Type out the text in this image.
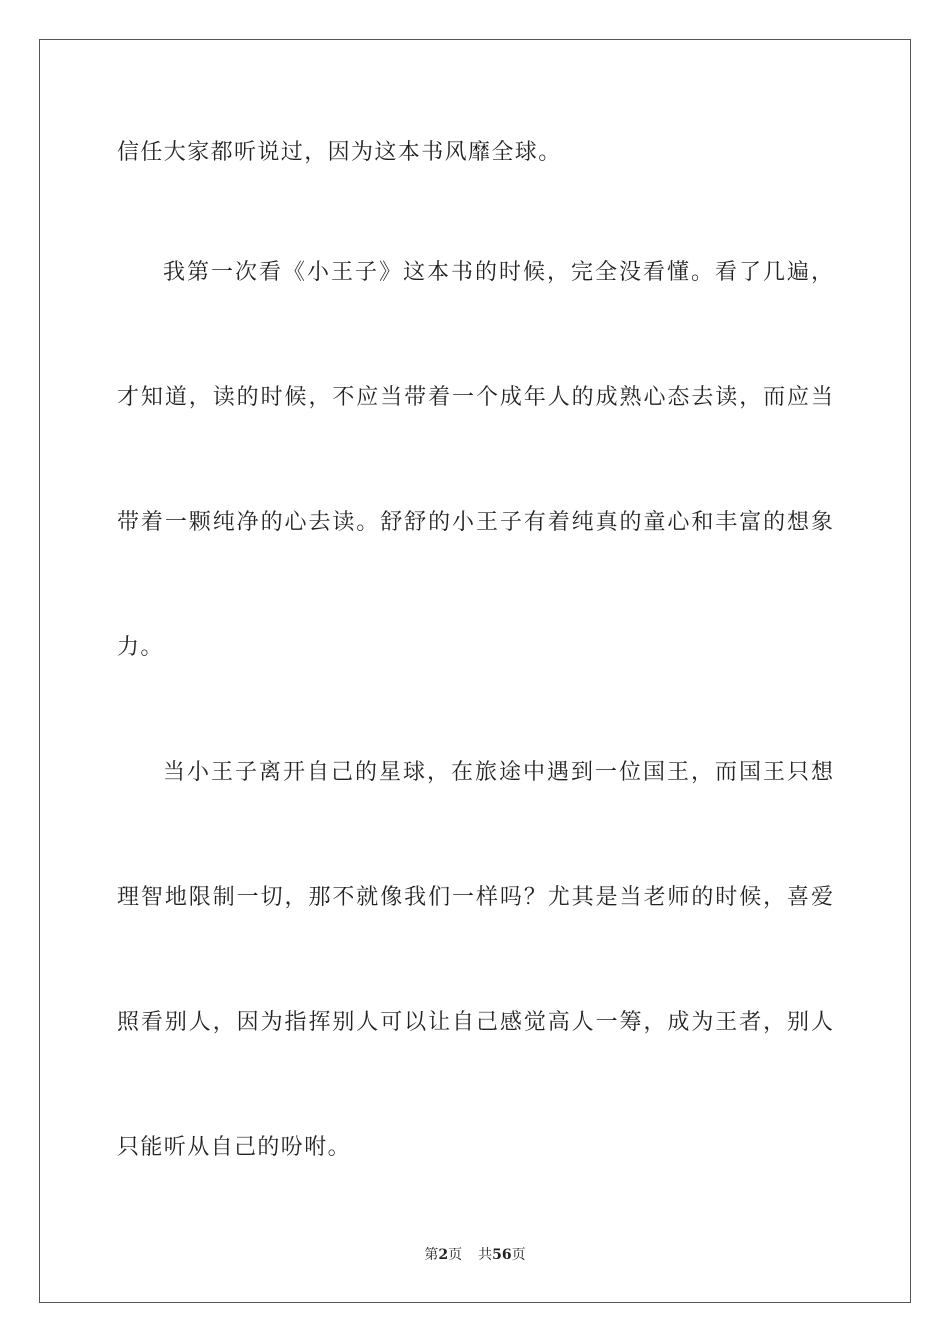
信任大家都听说过，因为这本书风靡全球。
我第一次看《小王子》这本书的时候，完全没看懂。看了几遍，
才知道，读的时候，不应当带着一个成年人的成熟心态去读，而应当
带着一颗纯净的心去读。舒舒的小王子有着纯真的童心和丰富的想象
力。
当小王子离开自己的星球，在旅途中遇到一位国王，而国王只想
理智地限制一切，那不就像我们一样吗？尤其是当老师的时候，喜爱
照看别人，因为指挥别人可以让自己感觉高人一筹，成为王者，别人
只能听从自己的吩咐。
第2页 共56页
